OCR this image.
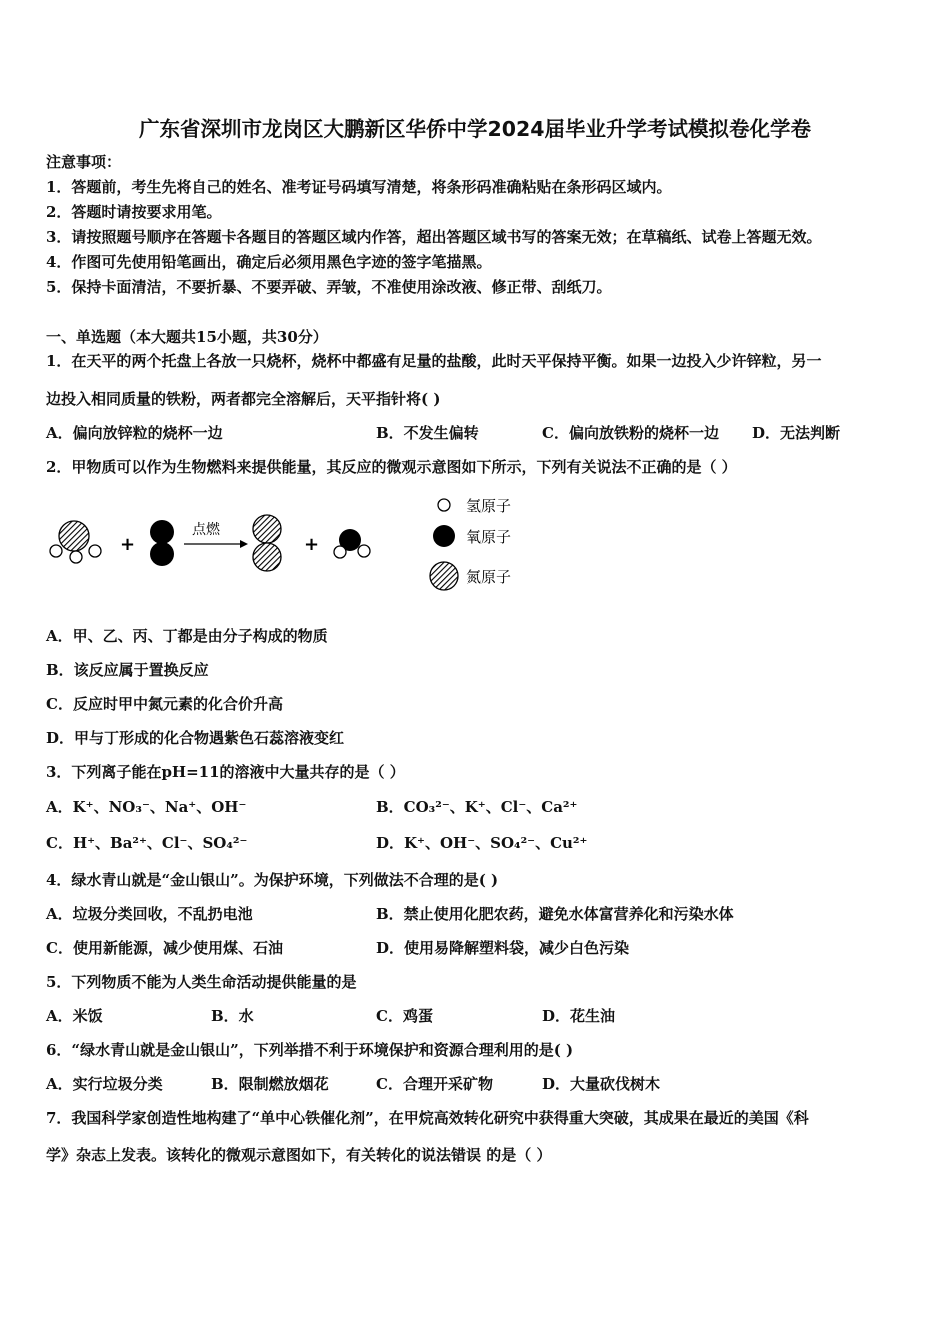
广东省深圳市龙岗区大鹏新区华侨中学2024届毕业升学考试模拟卷化学卷
注意事项：
1．答题前，考生先将自己的姓名、准考证号码填写清楚，将条形码准确粘贴在条形码区域内。
2．答题时请按要求用笔。
3．请按照题号顺序在答题卡各题目的答题区域内作答，超出答题区域书写的答案无效；在草稿纸、试卷上答题无效。
4．作图可先使用铅笔画出，确定后必须用黑色字迹的签字笔描黑。
5．保持卡面清洁，不要折暴、不要弄破、弄皱，不准使用涂改液、修正带、刮纸刀。
一、单选题（本大题共15小题，共30分）
1．在天平的两个托盘上各放一只烧杯，烧杯中都盛有足量的盐酸，此时天平保持平衡。如果一边投入少许锌粒，另一
边投入相同质量的铁粉，两者都完全溶解后，天平指针将( )
A．偏向放锌粒的烧杯一边	B．不发生偏转	C．偏向放铁粉的烧杯一边 D．无法判断
2．甲物质可以作为生物燃料来提供能量，其反应的微观示意图如下所示，下列有关说法不正确的是（ ）
+
点燃
+
氢原子
氧原子
氮原子
A．甲、乙、丙、丁都是由分子构成的物质
B．该反应属于置换反应
C．反应时甲中氮元素的化合价升高
D．甲与丁形成的化合物遇紫色石蕊溶液变红
3．下列离子能在pH=11的溶液中大量共存的是（ ）
A．K⁺、NO₃⁻、Na⁺、OH⁻	B．CO₃²⁻、K⁺、Cl⁻、Ca²⁺
C．H⁺、Ba²⁺、Cl⁻、SO₄²⁻	D．K⁺、OH⁻、SO₄²⁻、Cu²⁺
4．绿水青山就是“金山银山”。为保护环境，下列做法不合理的是( )
A．垃圾分类回收，不乱扔电池	B．禁止使用化肥农药，避免水体富营养化和污染水体
C．使用新能源，减少使用煤、石油	D．使用易降解塑料袋，减少白色污染
5．下列物质不能为人类生命活动提供能量的是
A．米饭	B．水	C．鸡蛋	D．花生油
6．“绿水青山就是金山银山”，下列举措不利于环境保护和资源合理利用的是( )
A．实行垃圾分类	B．限制燃放烟花	C．合理开采矿物	D．大量砍伐树木
7．我国科学家创造性地构建了“单中心铁催化剂”，在甲烷高效转化研究中获得重大突破，其成果在最近的美国《科
学》杂志上发表。该转化的微观示意图如下，有关转化的说法错误 的是（ ）
